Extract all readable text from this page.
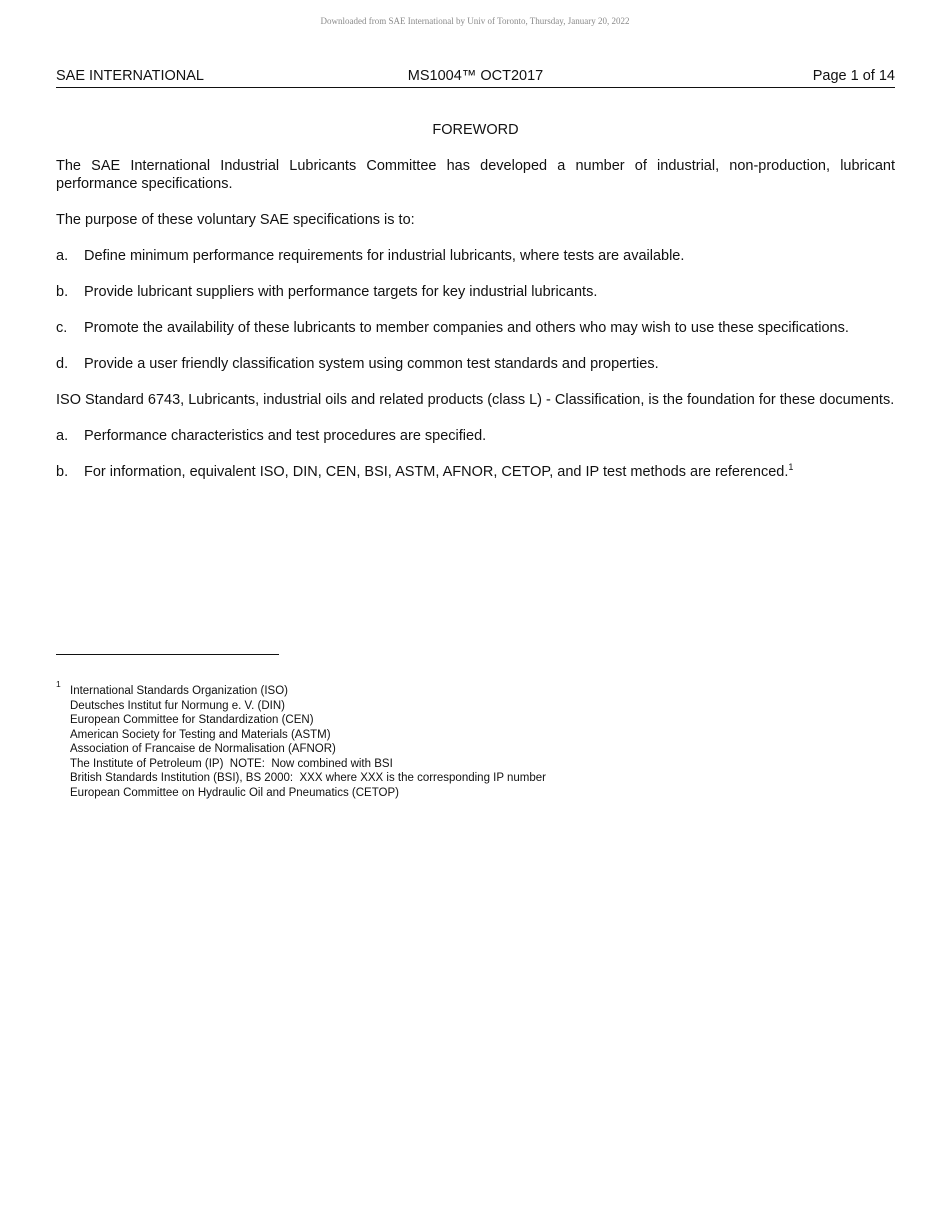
Downloaded from SAE International by Univ of Toronto, Thursday, January 20, 2022
MS1004™ OCT2017
SAE INTERNATIONAL	Page 1 of 14
FOREWORD
The SAE International Industrial Lubricants Committee has developed a number of industrial, non-production, lubricant performance specifications.
The purpose of these voluntary SAE specifications is to:
a.	Define minimum performance requirements for industrial lubricants, where tests are available.
b.	Provide lubricant suppliers with performance targets for key industrial lubricants.
c.	Promote the availability of these lubricants to member companies and others who may wish to use these specifications.
d.	Provide a user friendly classification system using common test standards and properties.
ISO Standard 6743, Lubricants, industrial oils and related products (class L) - Classification, is the foundation for these documents.
a.	Performance characteristics and test procedures are specified.
b.	For information, equivalent ISO, DIN, CEN, BSI, ASTM, AFNOR, CETOP, and IP test methods are referenced.$^1$
1
International Standards Organization (ISO)
Deutsches Institut fur Normung e. V. (DIN)
European Committee for Standardization (CEN)
American Society for Testing and Materials (ASTM)
Association of Francaise de Normalisation (AFNOR)
The Institute of Petroleum (IP)  NOTE:  Now combined with BSI
British Standards Institution (BSI), BS 2000:  XXX where XXX is the corresponding IP number
European Committee on Hydraulic Oil and Pneumatics (CETOP)
